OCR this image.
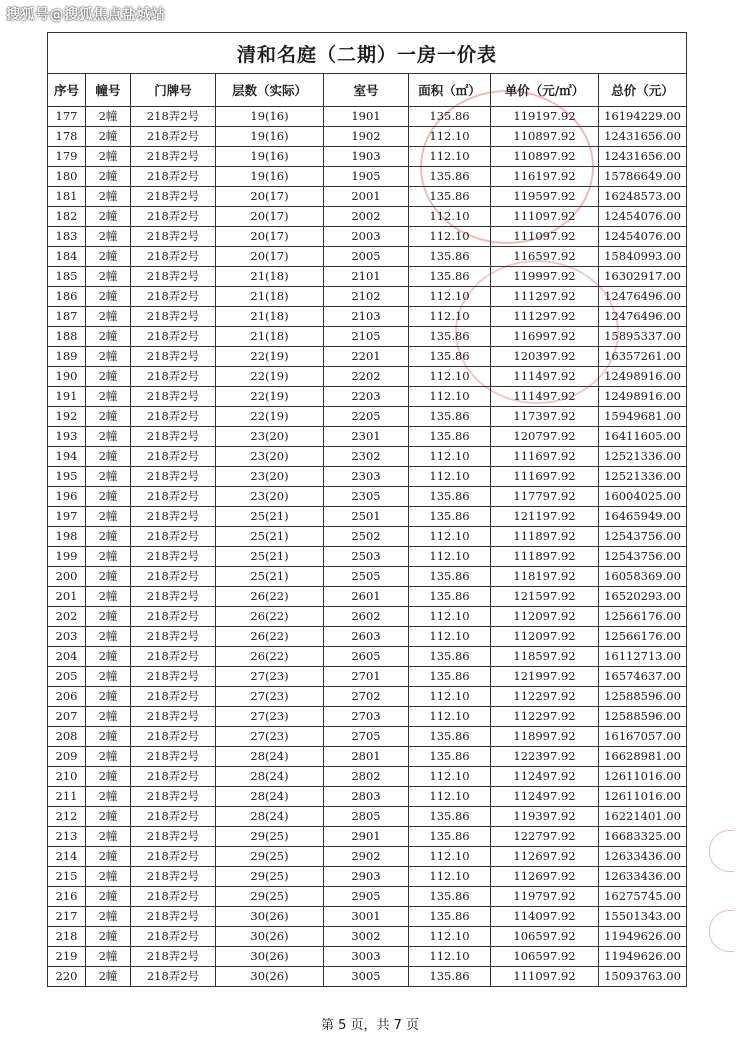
搜狐号@搜狐焦点盐城站
清和名庭（二期）一房一价表							
序号	幢号	门牌号	层数（实际）	室号	面积（㎡）	单价（元/㎡）	总价（元）
177	2幢	218弄2号	19(16)	1901	135.86	119197.92	16194229.00
178	2幢	218弄2号	19(16)	1902	112.10	110897.92	12431656.00
179	2幢	218弄2号	19(16)	1903	112.10	110897.92	12431656.00
180	2幢	218弄2号	19(16)	1905	135.86	116197.92	15786649.00
181	2幢	218弄2号	20(17)	2001	135.86	119597.92	16248573.00
182	2幢	218弄2号	20(17)	2002	112.10	111097.92	12454076.00
183	2幢	218弄2号	20(17)	2003	112.10	111097.92	12454076.00
184	2幢	218弄2号	20(17)	2005	135.86	116597.92	15840993.00
185	2幢	218弄2号	21(18)	2101	135.86	119997.92	16302917.00
186	2幢	218弄2号	21(18)	2102	112.10	111297.92	12476496.00
187	2幢	218弄2号	21(18)	2103	112.10	111297.92	12476496.00
188	2幢	218弄2号	21(18)	2105	135.86	116997.92	15895337.00
189	2幢	218弄2号	22(19)	2201	135.86	120397.92	16357261.00
190	2幢	218弄2号	22(19)	2202	112.10	111497.92	12498916.00
191	2幢	218弄2号	22(19)	2203	112.10	111497.92	12498916.00
192	2幢	218弄2号	22(19)	2205	135.86	117397.92	15949681.00
193	2幢	218弄2号	23(20)	2301	135.86	120797.92	16411605.00
194	2幢	218弄2号	23(20)	2302	112.10	111697.92	12521336.00
195	2幢	218弄2号	23(20)	2303	112.10	111697.92	12521336.00
196	2幢	218弄2号	23(20)	2305	135.86	117797.92	16004025.00
197	2幢	218弄2号	25(21)	2501	135.86	121197.92	16465949.00
198	2幢	218弄2号	25(21)	2502	112.10	111897.92	12543756.00
199	2幢	218弄2号	25(21)	2503	112.10	111897.92	12543756.00
200	2幢	218弄2号	25(21)	2505	135.86	118197.92	16058369.00
201	2幢	218弄2号	26(22)	2601	135.86	121597.92	16520293.00
202	2幢	218弄2号	26(22)	2602	112.10	112097.92	12566176.00
203	2幢	218弄2号	26(22)	2603	112.10	112097.92	12566176.00
204	2幢	218弄2号	26(22)	2605	135.86	118597.92	16112713.00
205	2幢	218弄2号	27(23)	2701	135.86	121997.92	16574637.00
206	2幢	218弄2号	27(23)	2702	112.10	112297.92	12588596.00
207	2幢	218弄2号	27(23)	2703	112.10	112297.92	12588596.00
208	2幢	218弄2号	27(23)	2705	135.86	118997.92	16167057.00
209	2幢	218弄2号	28(24)	2801	135.86	122397.92	16628981.00
210	2幢	218弄2号	28(24)	2802	112.10	112497.92	12611016.00
211	2幢	218弄2号	28(24)	2803	112.10	112497.92	12611016.00
212	2幢	218弄2号	28(24)	2805	135.86	119397.92	16221401.00
213	2幢	218弄2号	29(25)	2901	135.86	122797.92	16683325.00
214	2幢	218弄2号	29(25)	2902	112.10	112697.92	12633436.00
215	2幢	218弄2号	29(25)	2903	112.10	112697.92	12633436.00
216	2幢	218弄2号	29(25)	2905	135.86	119797.92	16275745.00
217	2幢	218弄2号	30(26)	3001	135.86	114097.92	15501343.00
218	2幢	218弄2号	30(26)	3002	112.10	106597.92	11949626.00
219	2幢	218弄2号	30(26)	3003	112.10	106597.92	11949626.00
220	2幢	218弄2号	30(26)	3005	135.86	111097.92	15093763.00
第 5 页，共 7 页
